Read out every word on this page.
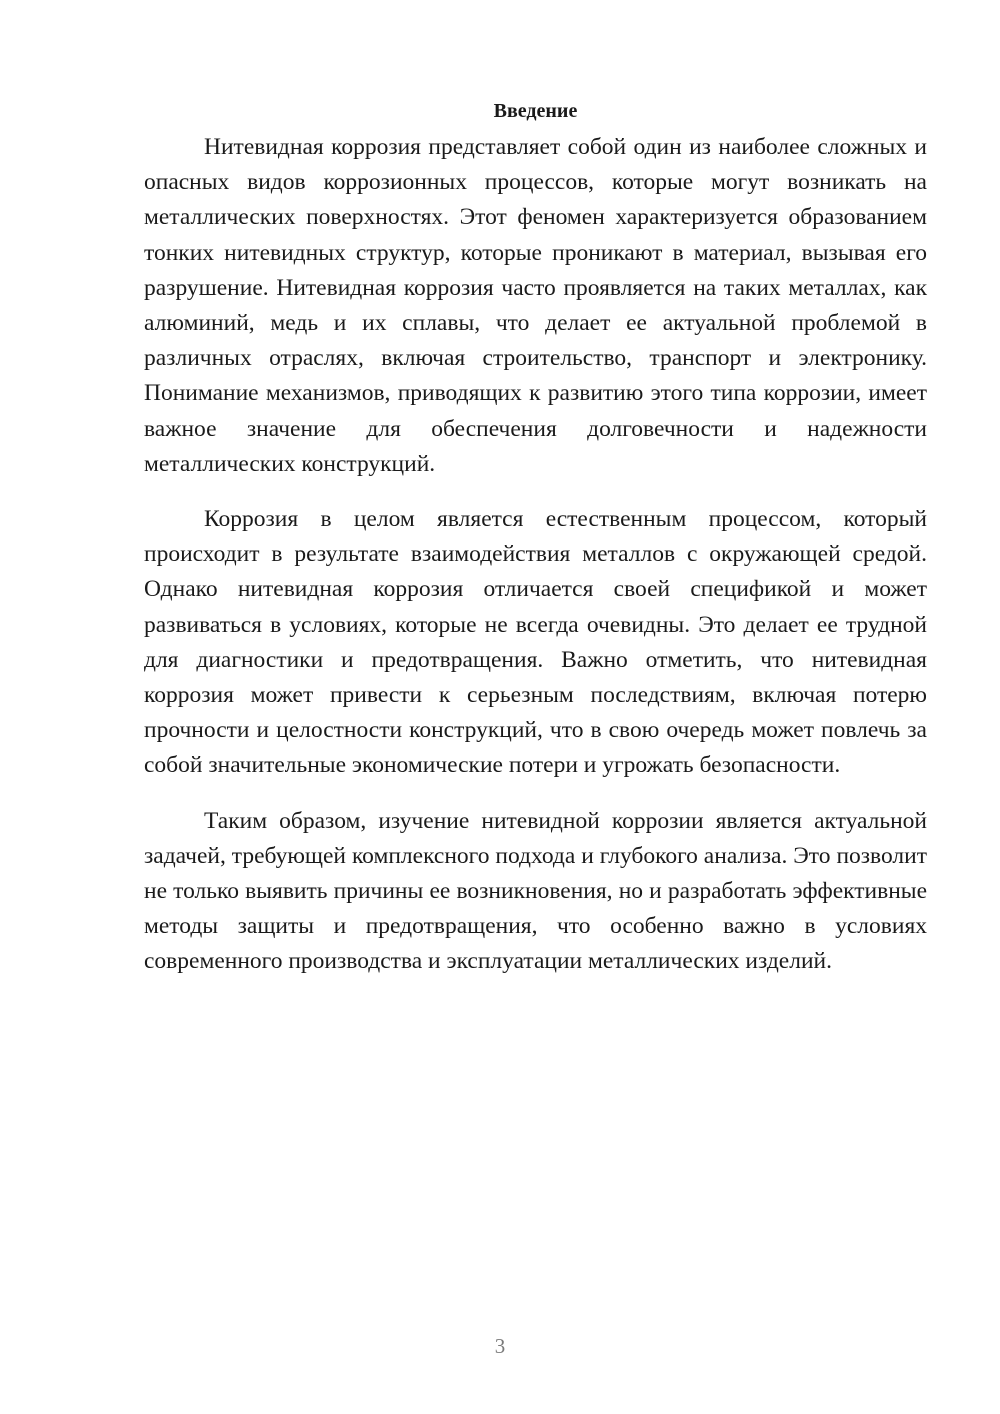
Введение

Нитевидная коррозия представляет собой один из наиболее сложных и опасных видов коррозионных процессов, которые могут возникать на металлических поверхностях. Этот феномен характеризуется образованием тонких нитевидных структур, которые проникают в материал, вызывая его разрушение. Нитевидная коррозия часто проявляется на таких металлах, как алюминий, медь и их сплавы, что делает ее актуальной проблемой в различных отраслях, включая строительство, транспорт и электронику. Понимание механизмов, приводящих к развитию этого типа коррозии, имеет важное значение для обеспечения долговечности и надежности металлических конструкций.

Коррозия в целом является естественным процессом, который происходит в результате взаимодействия металлов с окружающей средой. Однако нитевидная коррозия отличается своей спецификой и может развиваться в условиях, которые не всегда очевидны. Это делает ее трудной для диагностики и предотвращения. Важно отметить, что нитевидная коррозия может привести к серьезным последствиям, включая потерю прочности и целостности конструкций, что в свою очередь может повлечь за собой значительные экономические потери и угрожать безопасности.

Таким образом, изучение нитевидной коррозии является актуальной задачей, требующей комплексного подхода и глубокого анализа. Это позволит не только выявить причины ее возникновения, но и разработать эффективные методы защиты и предотвращения, что особенно важно в условиях современного производства и эксплуатации металлических изделий.

3
